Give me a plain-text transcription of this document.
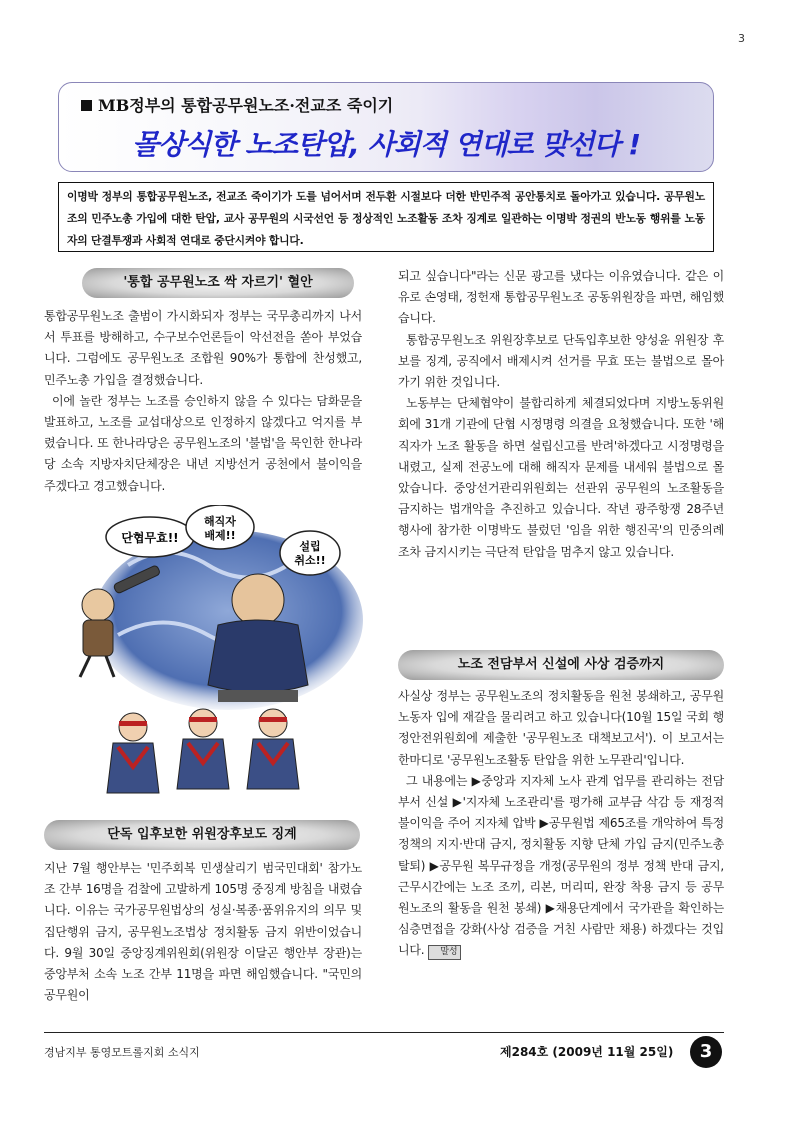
3
MB정부의 통합공무원노조·전교조 죽이기
몰상식한 노조탄압, 사회적 연대로 맞선다 !
이명박 정부의 통합공무원노조, 전교조 죽이기가 도를 넘어서며 전두환 시절보다 더한 반민주적 공안통치로 돌아가고 있습니다. 공무원노조의 민주노총 가입에 대한 탄압, 교사 공무원의 시국선언 등 정상적인 노조활동 조차 징계로 일관하는 이명박 정권의 반노동 행위를 노동자의 단결투쟁과 사회적 연대로 중단시켜야 합니다.
'통합 공무원노조 싹 자르기' 혈안

통합공무원노조 출범이 가시화되자 정부는 국무총리까지 나서서 투표를 방해하고, 수구보수언론들이 악선전을 쏟아 부었습니다. 그럼에도 공무원노조 조합원 90%가 통합에 찬성했고, 민주노총 가입을 결정했습니다.

이에 놀란 정부는 노조를 승인하지 않을 수 있다는 담화문을 발표하고, 노조를 교섭대상으로 인정하지 않겠다고 억지를 부렸습니다. 또 한나라당은 공무원노조의 '불법'을 묵인한 한나라당 소속 지방자치단체장은 내년 지방선거 공천에서 불이익을 주겠다고 경고했습니다.

단협무효!!
해직자
배제!!
설립
취소!!
단독 입후보한 위원장후보도 징계

지난 7월 행안부는 '민주회복 민생살리기 범국민대회' 참가노조 간부 16명을 검찰에 고발하게 105명 중징계 방침을 내렸습니다. 이유는 국가공무원법상의 성실·복종·품위유지의 의무 및 집단행위 금지, 공무원노조법상 정치활동 금지 위반이었습니다. 9월 30일 중앙징계위원회(위원장 이달곤 행안부 장관)는 중앙부처 소속 노조 간부 11명을 파면 해임했습니다. "국민의 공무원이

되고 싶습니다"라는 신문 광고를 냈다는 이유였습니다. 같은 이유로 손영태, 정헌재 통합공무원노조 공동위원장을 파면, 해임했습니다.

통합공무원노조 위원장후보로 단독입후보한 양성윤 위원장 후보를 징계, 공직에서 배제시켜 선거를 무효 또는 불법으로 몰아가기 위한 것입니다.

노동부는 단체협약이 불합리하게 체결되었다며 지방노동위원회에 31개 기관에 단협 시정명령 의결을 요청했습니다. 또한 '해직자가 노조 활동을 하면 설립신고를 반려'하겠다고 시정명령을 내렸고, 실제 전공노에 대해 해직자 문제를 내세워 불법으로 몰았습니다. 중앙선거관리위원회는 선관위 공무원의 노조활동을 금지하는 법개악을 추진하고 있습니다. 작년 광주항쟁 28주년 행사에 참가한 이명박도 불렀던 '임을 위한 행진곡'의 민중의례조차 금지시키는 극단적 탄압을 멈추지 않고 있습니다.

노조 전담부서 신설에 사상 검증까지

사실상 정부는 공무원노조의 정치활동을 원천 봉쇄하고, 공무원노동자 입에 재갈을 물리려고 하고 있습니다(10월 15일 국회 행정안전위원회에 제출한 '공무원노조 대책보고서'). 이 보고서는 한마디로 '공무원노조활동 탄압을 위한 노무관리'입니다.

그 내용에는 ▶중앙과 지자체 노사 관계 업무를 관리하는 전담부서 신설 ▶'지자체 노조관리'를 평가해 교부금 삭감 등 재정적 불이익을 주어 지자체 압박 ▶공무원법 제65조를 개악하여 특정 정책의 지지·반대 금지, 정치활동 지향 단체 가입 금지(민주노총 탈퇴) ▶공무원 복무규정을 개정(공무원의 정부 정책 반대 금지, 근무시간에는 노조 조끼, 리본, 머리띠, 완장 착용 금지 등 공무원노조의 활동을 원천 봉쇄) ▶채용단계에서 국가관을 확인하는 심층면접을 강화(사상 검증을 거친 사람만 채용) 하겠다는 것입니다. 말성

경남지부 통영모트롤지회 소식지	제284호 (2009년 11월 25일)	3
